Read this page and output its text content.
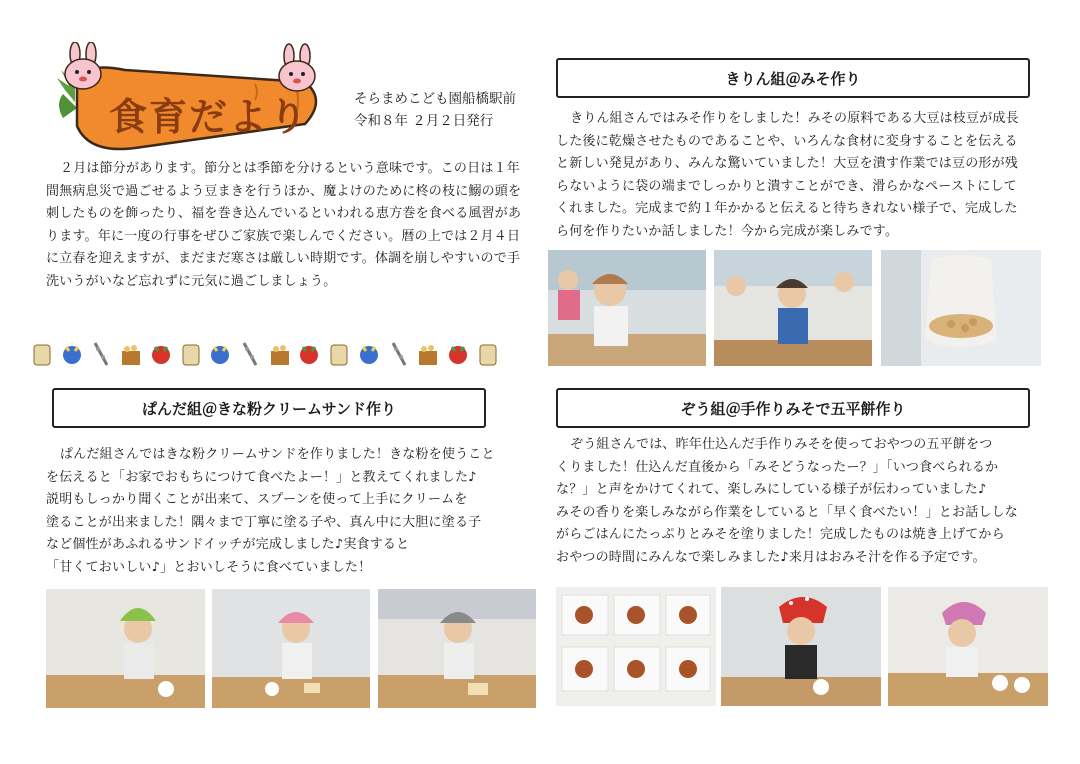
食育だより	そらまめこども園船橋駅前
令和８年 ２月２日発行

２月は節分があります。節分とは季節を分けるという意味です。この日は１年間無病息災で過ごせるよう豆まきを行うほか、魔よけのために柊の枝に鰯の頭を刺したものを飾ったり、福を巻き込んでいるといわれる恵方巻を食べる風習があります。年に一度の行事をぜひご家族で楽しんでください。暦の上では２月４日に立春を迎えますが、まだまだ寒さは厳しい時期です。体調を崩しやすいので手洗いうがいなど忘れずに元気に過ごしましょう。

きりん組＠みそ作り

きりん組さんではみそ作りをしました！みその原料である大豆は枝豆が成長した後に乾燥させたものであることや、いろんな食材に変身することを伝えると新しい発見があり、みんな驚いていました！大豆を潰す作業では豆の形が残らないように袋の端までしっかりと潰すことができ、滑らかなペーストにしてくれました。完成まで約１年かかると伝えると待ちきれない様子で、完成したら何を作りたいか話しました！今から完成が楽しみです。

ぱんだ組＠きな粉クリームサンド作り

ぱんだ組さんではきな粉クリームサンドを作りました！きな粉を使うこと

を伝えると「お家でおもちにつけて食べたよー！」と教えてくれました♪

説明もしっかり聞くことが出来て、スプーンを使って上手にクリームを

塗ることが出来ました！隅々まで丁寧に塗る子や、真ん中に大胆に塗る子

など個性があふれるサンドイッチが完成しました♪実食すると

「甘くておいしい♪」とおいしそうに食べていました！

ぞう組＠手作りみそで五平餅作り

ぞう組さんでは、昨年仕込んだ手作りみそを使っておやつの五平餅をつ

くりました！仕込んだ直後から「みそどうなったー？」「いつ食べられるか

な？」と声をかけてくれて、楽しみにしている様子が伝わっていました♪

みその香りを楽しみながら作業をしていると「早く食べたい！」とお話ししな

がらごはんにたっぷりとみそを塗りました！完成したものは焼き上げてから

おやつの時間にみんなで楽しみました♪来月はおみそ汁を作る予定です。
